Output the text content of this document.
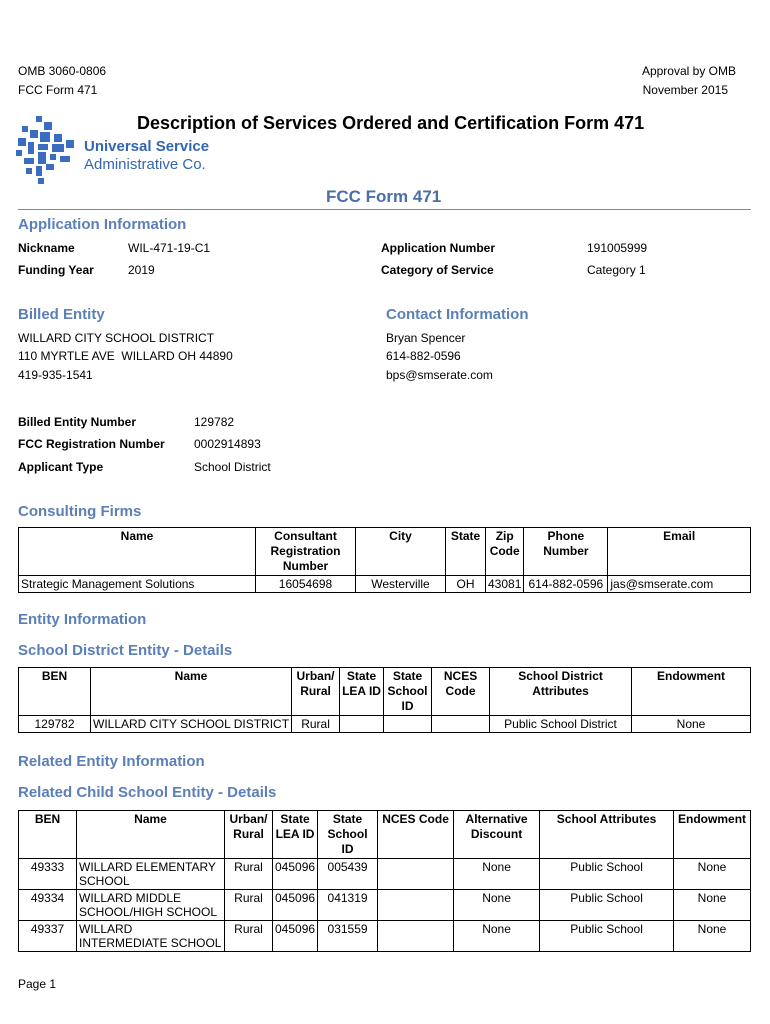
OMB 3060-0806
FCC Form 471
Approval by OMB
November 2015
Description of Services Ordered and Certification Form 471
Universal Service
Administrative Co.
FCC Form 471
Application Information
Nickname	WIL-471-19-C1	Application Number	191005999
Funding Year	2019	Category of Service	Category 1
Billed Entity	Contact Information
WILLARD CITY SCHOOL DISTRICT
110 MYRTLE AVE  WILLARD OH 44890
419-935-1541
Bryan Spencer
614-882-0596
bps@smserate.com
Billed Entity Number	129782
FCC Registration Number 0002914893
Applicant Type	School District
Consulting Firms
Name	Consultant Registration Number	City	State	Zip Code	Phone Number	Email
Strategic Management Solutions	16054698	Westerville	OH	43081	614-882-0596	jas@smserate.com
Entity Information
School District Entity - Details
BEN	Name	Urban/ Rural	State LEA ID	State School ID	NCES Code	School District Attributes	Endowment
129782	WILLARD CITY SCHOOL DISTRICT	Rural				Public School District	None
Related Entity Information
Related Child School Entity - Details
BEN	Name	Urban/ Rural	State LEA ID	State School ID	NCES Code	Alternative Discount	School Attributes	Endowment
49333	WILLARD ELEMENTARY SCHOOL	Rural	045096	005439		None	Public School	None
49334	WILLARD MIDDLE SCHOOL/HIGH SCHOOL	Rural	045096	041319		None	Public School	None
49337	WILLARD INTERMEDIATE SCHOOL	Rural	045096	031559		None	Public School	None
Page 1
